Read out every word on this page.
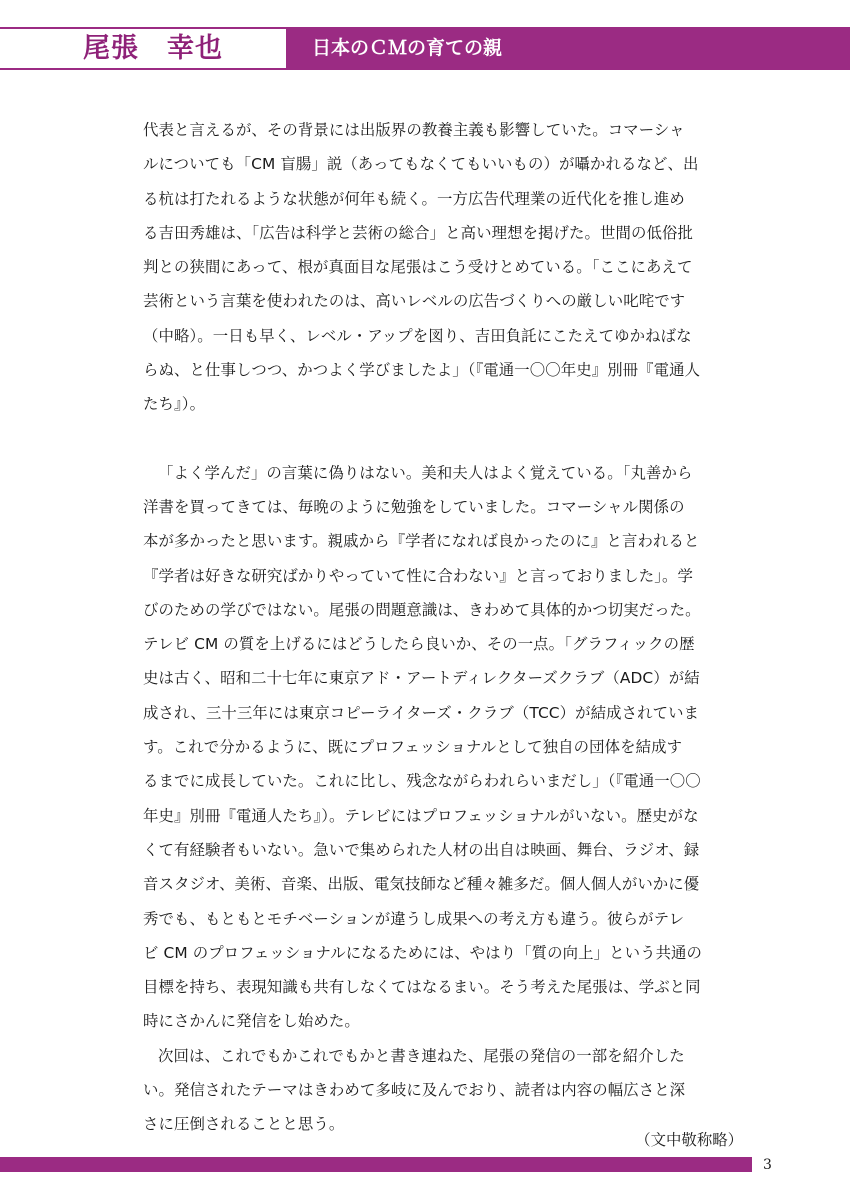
尾張　幸也	日本のＣＭの育ての親
代表と言えるが、その背景には出版界の教養主義も影響していた。コマーシャ
ルについても「CM 盲腸」説（あってもなくてもいいもの）が囁かれるなど、出
る杭は打たれるような状態が何年も続く。一方広告代理業の近代化を推し進め
る吉田秀雄は、「広告は科学と芸術の総合」と高い理想を掲げた。世間の低俗批
判との狭間にあって、根が真面目な尾張はこう受けとめている。「ここにあえて
芸術という言葉を使われたのは、高いレベルの広告づくりへの厳しい叱咤です
（中略）。一日も早く、レベル・アップを図り、吉田負託にこたえてゆかねばな
らぬ、と仕事しつつ、かつよく学びましたよ」（『電通一〇〇年史』別冊『電通人
たち』）。
「よく学んだ」の言葉に偽りはない。美和夫人はよく覚えている。「丸善から
洋書を買ってきては、毎晩のように勉強をしていました。コマーシャル関係の
本が多かったと思います。親戚から『学者になれば良かったのに』と言われると
『学者は好きな研究ばかりやっていて性に合わない』と言っておりました」。学
びのための学びではない。尾張の問題意識は、きわめて具体的かつ切実だった。
テレビ CM の質を上げるにはどうしたら良いか、その一点。「グラフィックの歴
史は古く、昭和二十七年に東京アド・アートディレクターズクラブ（ADC）が結
成され、三十三年には東京コピーライターズ・クラブ（TCC）が結成されていま
す。これで分かるように、既にプロフェッショナルとして独自の団体を結成す
るまでに成長していた。これに比し、残念ながらわれらいまだし」（『電通一〇〇
年史』別冊『電通人たち』）。テレビにはプロフェッショナルがいない。歴史がな
くて有経験者もいない。急いで集められた人材の出自は映画、舞台、ラジオ、録
音スタジオ、美術、音楽、出版、電気技師など種々雑多だ。個人個人がいかに優
秀でも、もともとモチベーションが違うし成果への考え方も違う。彼らがテレ
ビ CM のプロフェッショナルになるためには、やはり「質の向上」という共通の
目標を持ち、表現知識も共有しなくてはなるまい。そう考えた尾張は、学ぶと同
時にさかんに発信をし始めた。
次回は、これでもかこれでもかと書き連ねた、尾張の発信の一部を紹介した
い。発信されたテーマはきわめて多岐に及んでおり、読者は内容の幅広さと深
さに圧倒されることと思う。
（文中敬称略）
3
